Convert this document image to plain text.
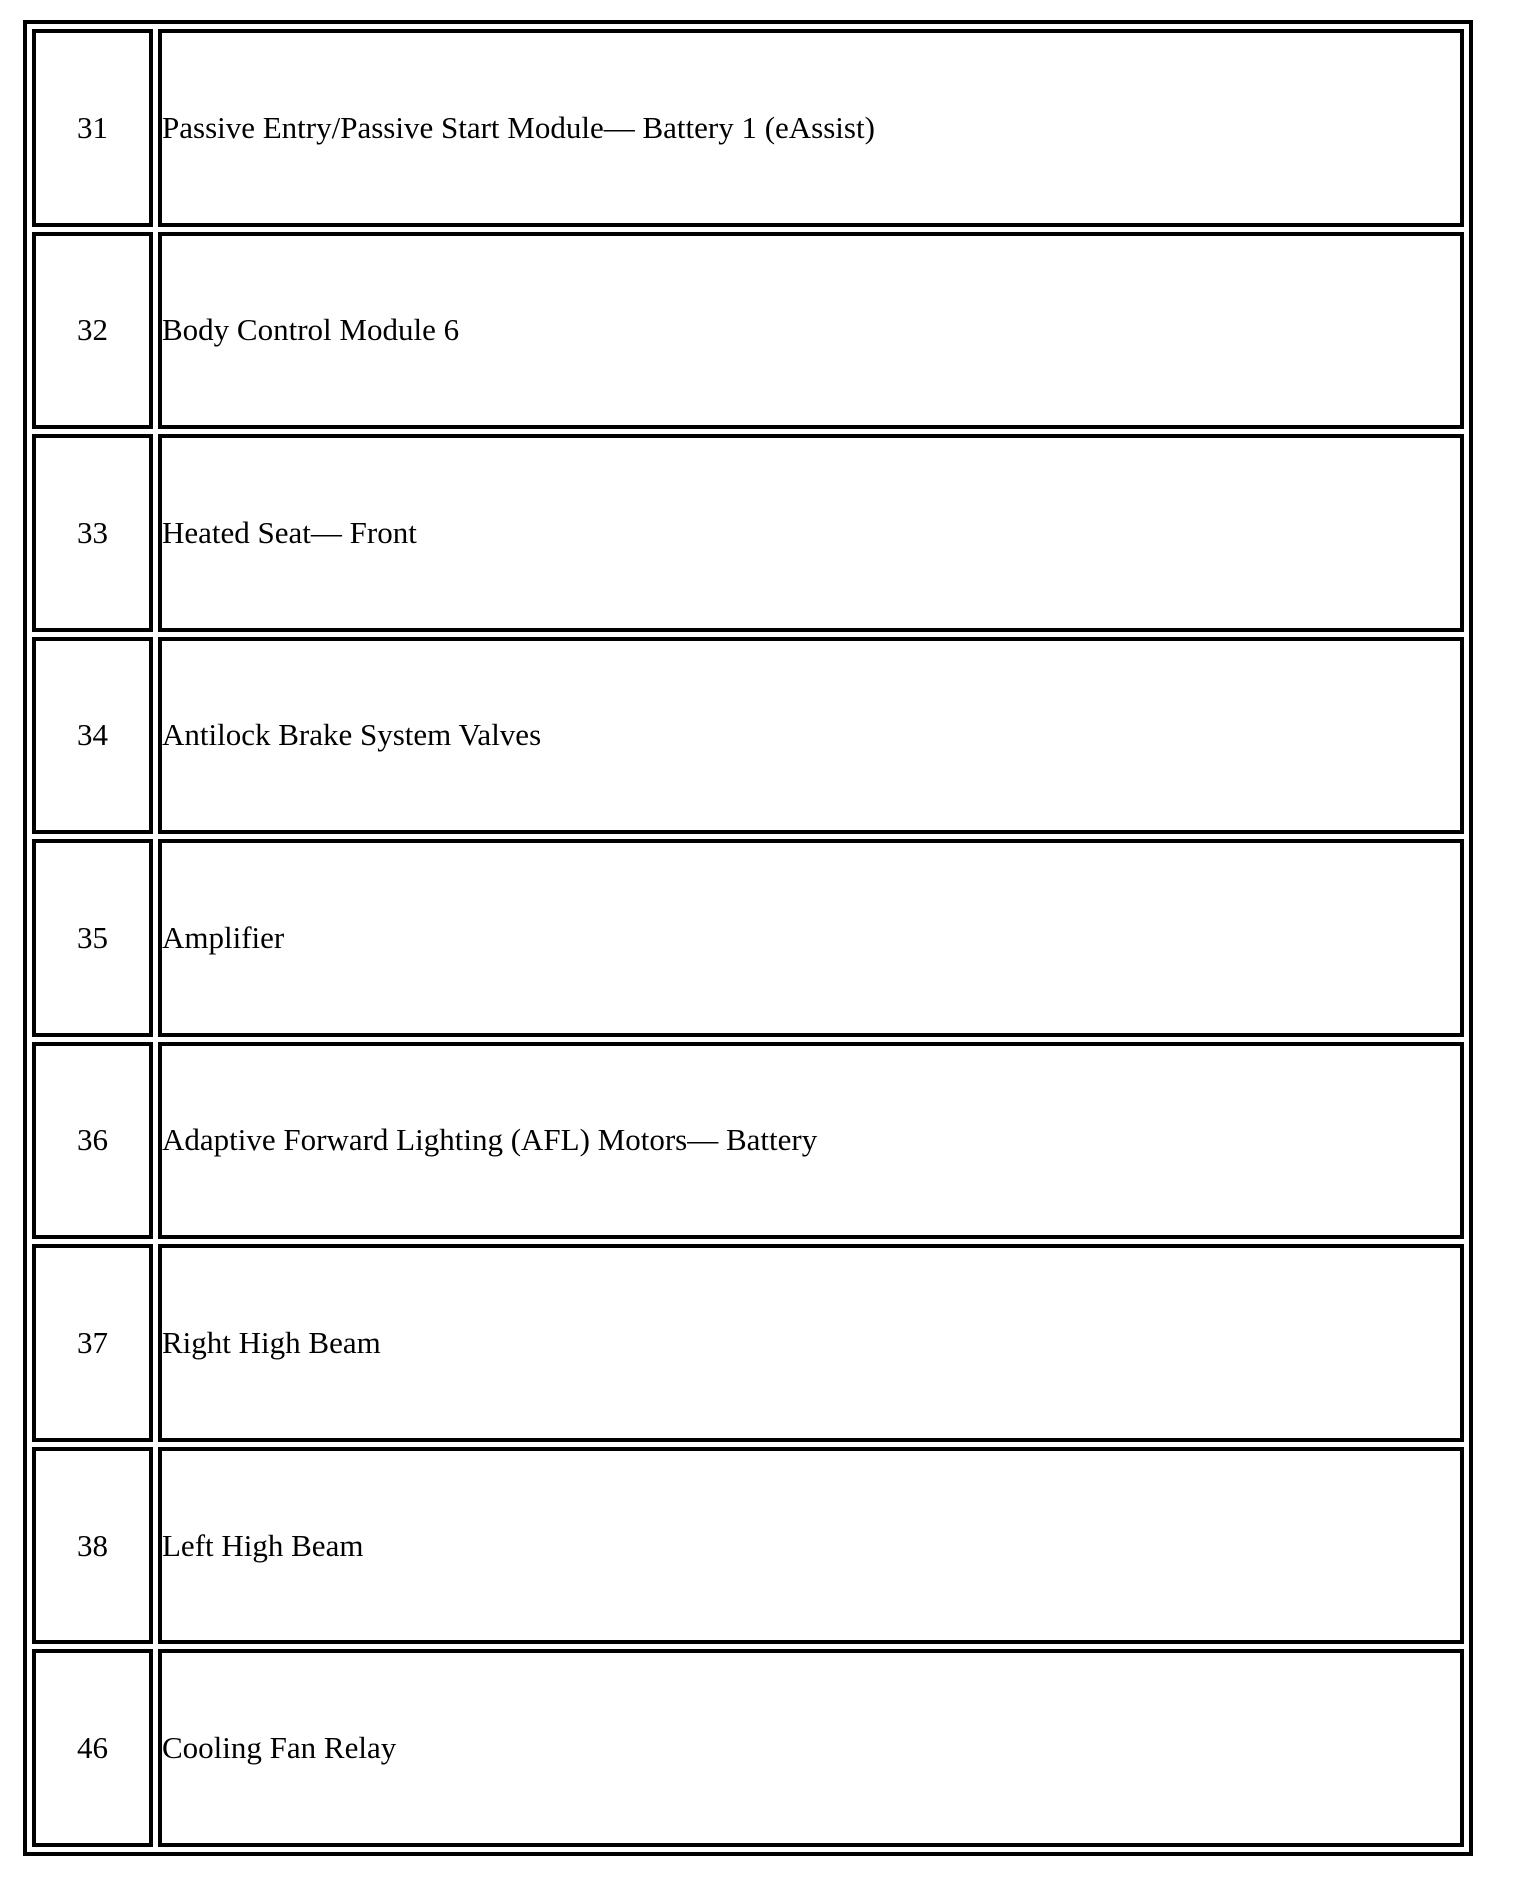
31	Passive Entry/Passive Start Module— Battery 1 (eAssist)
32	Body Control Module 6
33	Heated Seat— Front
34	Antilock Brake System Valves
35	Amplifier
36	Adaptive Forward Lighting (AFL) Motors— Battery
37	Right High Beam
38	Left High Beam
46	Cooling Fan Relay
